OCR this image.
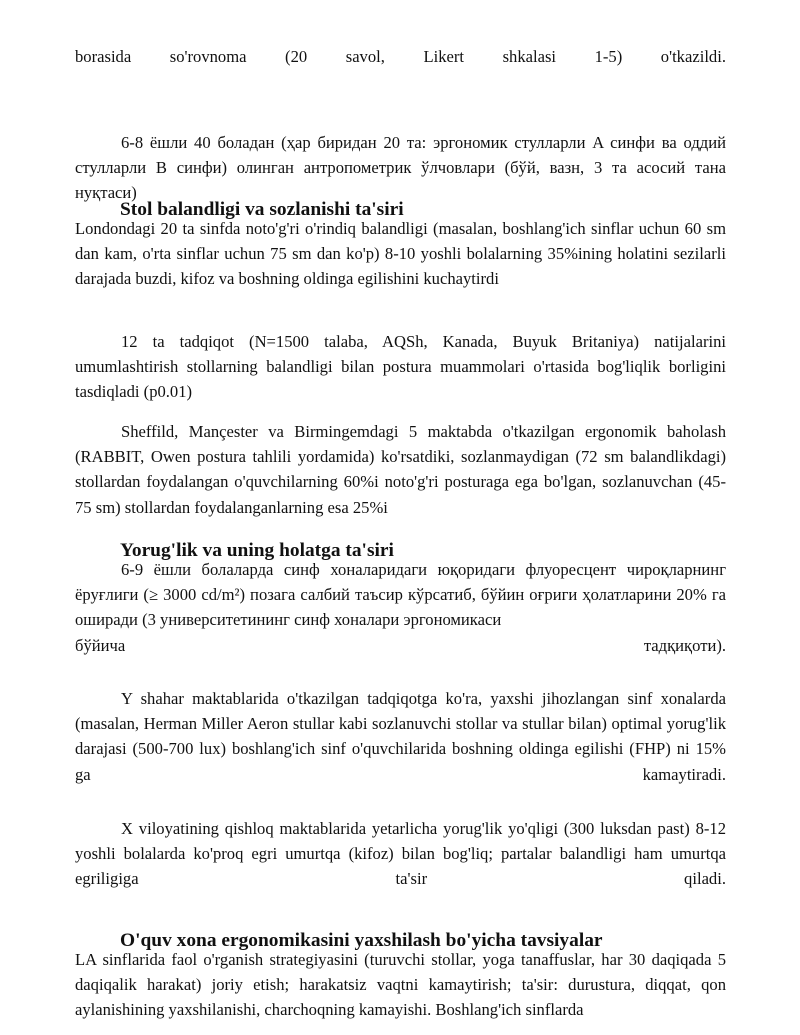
borasida so'rovnoma (20 savol, Likert shkalasi 1-5) o'tkazildi.

6-8 ёшли 40 боладан (ҳар биридан 20 та: эргономик стулларли A синфи ва оддий стулларли B синфи) олинган антропометрик ўлчовлари (бўй, вазн, 3 та асосий тана нуқтаси)

Stol balandligi va sozlanishi ta'siri

Londondagi 20 ta sinfda noto'g'ri o'rindiq balandligi (masalan, boshlang'ich sinflar uchun 60 sm dan kam, o'rta sinflar uchun 75 sm dan ko'p) 8-10 yoshli bolalarning 35%ining holatini sezilarli darajada buzdi, kifoz va boshning oldinga egilishini kuchaytirdi

12 ta tadqiqot (N=1500 talaba, AQSh, Kanada, Buyuk Britaniya) natijalarini umumlashtirish stollarning balandligi bilan postura muammolari o'rtasida bog'liqlik borligini tasdiqladi (p0.01)

Sheffild, Mançester va Birmingemdagi 5 maktabda o'tkazilgan ergonomik baholash (RABBIT, Owen postura tahlili yordamida) ko'rsatdiki, sozlanmaydigan (72 sm balandlikdagi) stollardan foydalangan o'quvchilarning 60%i noto'g'ri posturaga ega bo'lgan, sozlanuvchan (45-75 sm) stollardan foydalanganlarning esa 25%i

Yorug'lik va uning holatga ta'siri

6-9 ёшли болаларда синф хоналаридаги юқоридаги флуоресцент чироқларнинг ёруғлиги (≥ 3000 cd/m²) позага салбий таъсир кўрсатиб, бўйин оғриги ҳолатларини 20% га оширади (3 университетининг синф хоналари эргономикаси

бўйича	тадқиқоти).

Y shahar maktablarida o'tkazilgan tadqiqotga ko'ra, yaxshi jihozlangan sinf xonalarda (masalan, Herman Miller Aeron stullar kabi sozlanuvchi stollar va stullar bilan) optimal yorug'lik darajasi (500-700 lux) boshlang'ich sinf o'quvchilarida boshning oldinga egilishi (FHP) ni 15% ga kamaytiradi.

X viloyatining qishloq maktablarida yetarlicha yorug'lik yo'qligi (300 luksdan past) 8-12 yoshli bolalarda ko'proq egri umurtqa (kifoz) bilan bog'liq; partalar balandligi ham umurtqa egriligiga ta'sir qiladi.

O'quv xona ergonomikasini yaxshilash bo'yicha tavsiyalar

LA sinflarida faol o'rganish strategiyasini (turuvchi stollar, yoga tanaffuslar, har 30 daqiqada 5 daqiqalik harakat) joriy etish; harakatsiz vaqtni kamaytirish; ta'sir: durustura, diqqat, qon aylanishining yaxshilanishi, charchoqning kamayishi. Boshlang'ich sinflarda
